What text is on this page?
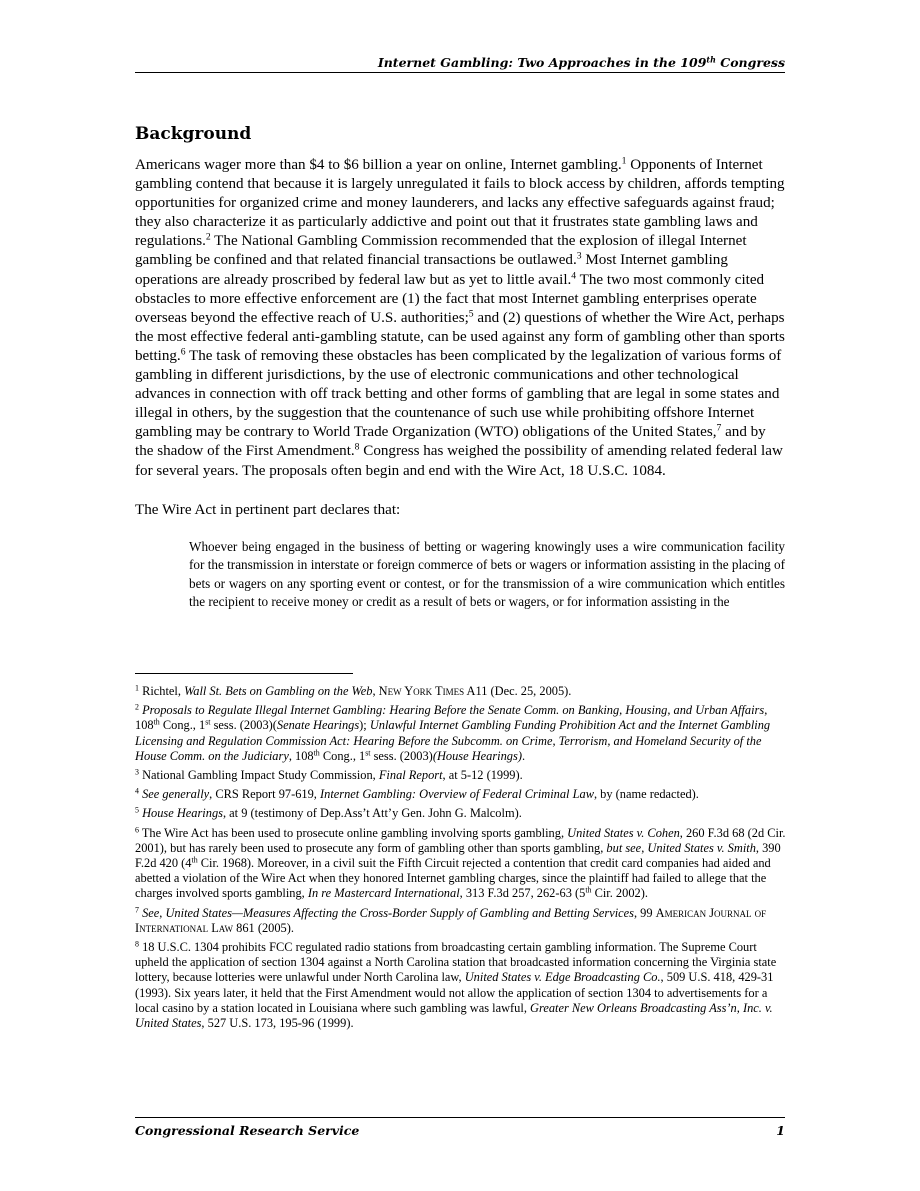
Internet Gambling: Two Approaches in the 109th Congress
Background

Americans wager more than $4 to $6 billion a year on online, Internet gambling.$^1$ Opponents of Internet gambling contend that because it is largely unregulated it fails to block access by children, affords tempting opportunities for organized crime and money launderers, and lacks any effective safeguards against fraud; they also characterize it as particularly addictive and point out that it frustrates state gambling laws and regulations.$^2$ The National Gambling Commission recommended that the explosion of illegal Internet gambling be confined and that related financial transactions be outlawed.$^3$ Most Internet gambling operations are already proscribed by federal law but as yet to little avail.$^4$ The two most commonly cited obstacles to more effective enforcement are (1) the fact that most Internet gambling enterprises operate overseas beyond the effective reach of U.S. authorities;$^5$ and (2) questions of whether the Wire Act, perhaps the most effective federal anti-gambling statute, can be used against any form of gambling other than sports betting.$^6$ The task of removing these obstacles has been complicated by the legalization of various forms of gambling in different jurisdictions, by the use of electronic communications and other technological advances in connection with off track betting and other forms of gambling that are legal in some states and illegal in others, by the suggestion that the countenance of such use while prohibiting offshore Internet gambling may be contrary to World Trade Organization (WTO) obligations of the United States,$^7$ and by the shadow of the First Amendment.$^8$ Congress has weighed the possibility of amending related federal law for several years. The proposals often begin and end with the Wire Act, 18 U.S.C. 1084.

The Wire Act in pertinent part declares that:

Whoever being engaged in the business of betting or wagering knowingly uses a wire communication facility for the transmission in interstate or foreign commerce of bets or wagers or information assisting in the placing of bets or wagers on any sporting event or contest, or for the transmission of a wire communication which entitles the recipient to receive money or credit as a result of bets or wagers, or for information assisting in the
$^1$ Richtel, Wall St. Bets on Gambling on the Web, New York Times A11 (Dec. 25, 2005).
$^2$ Proposals to Regulate Illegal Internet Gambling: Hearing Before the Senate Comm. on Banking, Housing, and Urban Affairs, 108th Cong., 1st sess. (2003)(Senate Hearings); Unlawful Internet Gambling Funding Prohibition Act and the Internet Gambling Licensing and Regulation Commission Act: Hearing Before the Subcomm. on Crime, Terrorism, and Homeland Security of the House Comm. on the Judiciary, 108th Cong., 1st sess. (2003)(House Hearings).
$^3$ National Gambling Impact Study Commission, Final Report, at 5-12 (1999).
$^4$ See generally, CRS Report 97-619, Internet Gambling: Overview of Federal Criminal Law, by (name redacted).
$^5$ House Hearings, at 9 (testimony of Dep.Ass’t Att’y Gen. John G. Malcolm).
$^6$ The Wire Act has been used to prosecute online gambling involving sports gambling, United States v. Cohen, 260 F.3d 68 (2d Cir. 2001), but has rarely been used to prosecute any form of gambling other than sports gambling, but see, United States v. Smith, 390 F.2d 420 (4th Cir. 1968). Moreover, in a civil suit the Fifth Circuit rejected a contention that credit card companies had aided and abetted a violation of the Wire Act when they honored Internet gambling charges, since the plaintiff had failed to allege that the charges involved sports gambling, In re Mastercard International, 313 F.3d 257, 262-63 (5th Cir. 2002).
$^7$ See, United States—Measures Affecting the Cross-Border Supply of Gambling and Betting Services, 99 American Journal of International Law 861 (2005).
$^8$ 18 U.S.C. 1304 prohibits FCC regulated radio stations from broadcasting certain gambling information. The Supreme Court upheld the application of section 1304 against a North Carolina station that broadcasted information concerning the Virginia state lottery, because lotteries were unlawful under North Carolina law, United States v. Edge Broadcasting Co., 509 U.S. 418, 429-31 (1993). Six years later, it held that the First Amendment would not allow the application of section 1304 to advertisements for a local casino by a station located in Louisiana where such gambling was lawful, Greater New Orleans Broadcasting Ass’n, Inc. v. United States, 527 U.S. 173, 195-96 (1999).
Congressional Research Service	1
